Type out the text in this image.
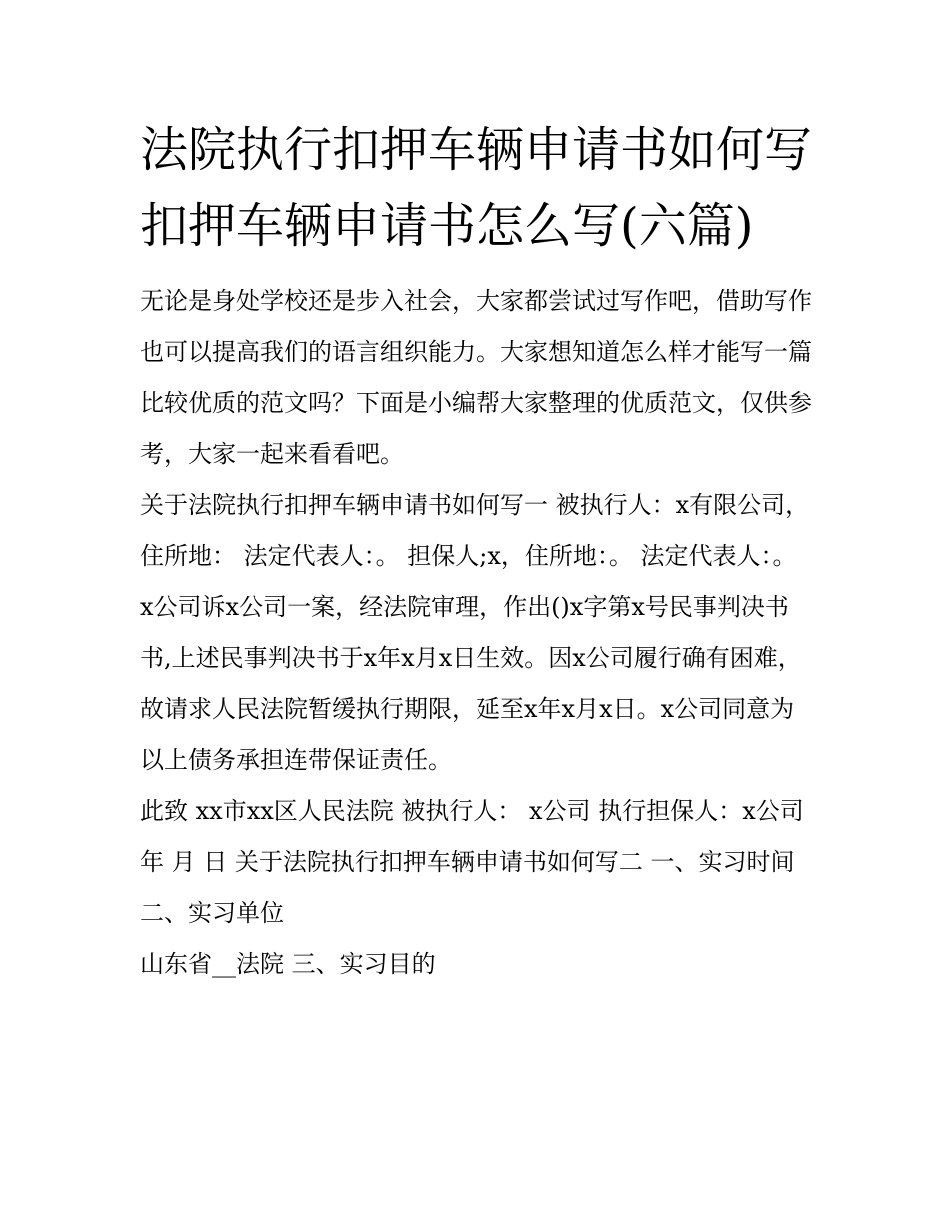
法院执行扣押车辆申请书如何写 扣押车辆申请书怎么写(六篇)

无论是身处学校还是步入社会，大家都尝试过写作吧，借助写作也可以提高我们的语言组织能力。大家想知道怎么样才能写一篇比较优质的范文吗？下面是小编帮大家整理的优质范文，仅供参考，大家一起来看看吧。

关于法院执行扣押车辆申请书如何写一 被执行人：x有限公司，住所地： 法定代表人：。 担保人;x，住所地：。 法定代表人：。

x公司诉x公司一案，经法院审理，作出()x字第x号民事判决书书,上述民事判决书于x年x月x日生效。因x公司履行确有困难，故请求人民法院暂缓执行期限，延至x年x月x日。x公司同意为以上债务承担连带保证责任。

此致 xx市xx区人民法院 被执行人： x公司 执行担保人：x公司 年 月 日 关于法院执行扣押车辆申请书如何写二 一、实习时间 二、实习单位

山东省__法院 三、实习目的
